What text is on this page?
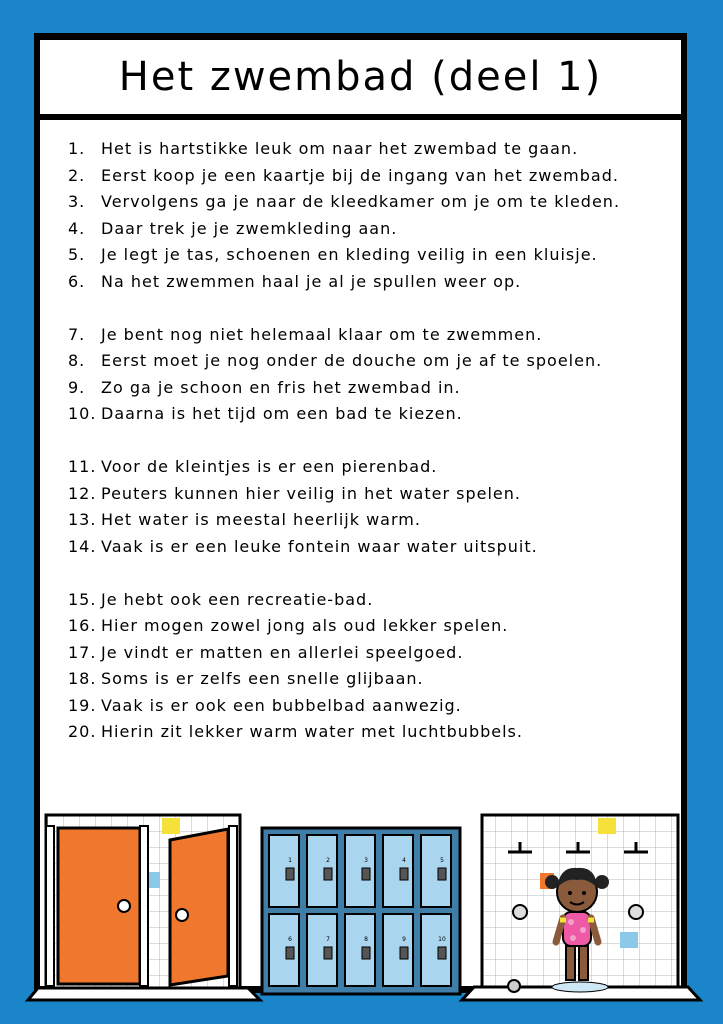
Het zwembad (deel 1)
1. Het is hartstikke leuk om naar het zwembad te gaan.
2. Eerst koop je een kaartje bij de ingang van het zwembad.
3. Vervolgens ga je naar de kleedkamer om je om te kleden.
4. Daar trek je je zwemkleding aan.
5. Je legt je tas, schoenen en kleding veilig in een kluisje.
6. Na het zwemmen haal je al je spullen weer op.
7. Je bent nog niet helemaal klaar om te zwemmen.
8. Eerst moet je nog onder de douche om je af te spoelen.
9. Zo ga je schoon en fris het zwembad in.
10. Daarna is het tijd om een bad te kiezen.
11. Voor de kleintjes is er een pierenbad.
12. Peuters kunnen hier veilig in het water spelen.
13. Het water is meestal heerlijk warm.
14. Vaak is er een leuke fontein waar water uitspuit.
15. Je hebt ook een recreatie-bad.
16. Hier mogen zowel jong als oud lekker spelen.
17. Je vindt er matten en allerlei speelgoed.
18. Soms is er zelfs een snelle glijbaan.
19. Vaak is er ook een bubbelbad aanwezig.
20. Hierin zit lekker warm water met luchtbubbels.
1	2	3	4	5
6	7	8	9	10
